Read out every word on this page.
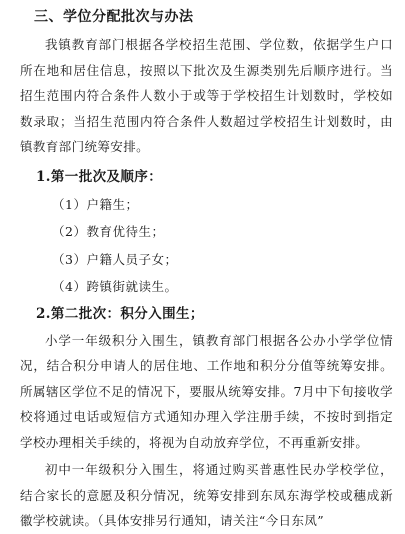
三、学位分配批次与办法

我镇教育部门根据各学校招生范围、学位数，依据学生户口所在地和居住信息，按照以下批次及生源类别先后顺序进行。当招生范围内符合条件人数小于或等于学校招生计划数时，学校如数录取；当招生范围内符合条件人数超过学校招生计划数时，由镇教育部门统筹安排。

1.第一批次及顺序：
（1）户籍生；
（2）教育优待生；
（3）户籍人员子女；
（4）跨镇街就读生。
2.第二批次：积分入围生；

小学一年级积分入围生，镇教育部门根据各公办小学学位情况，结合积分申请人的居住地、工作地和积分分值等统筹安排。所属辖区学位不足的情况下，要服从统筹安排。7月中下旬接收学校将通过电话或短信方式通知办理入学注册手续，不按时到指定学校办理相关手续的，将视为自动放弃学位，不再重新安排。

初中一年级积分入围生，将通过购买普惠性民办学校学位，结合家长的意愿及积分情况，统筹安排到东凤东海学校或穗成新徽学校就读。（具体安排另行通知，请关注“今日东凤”
